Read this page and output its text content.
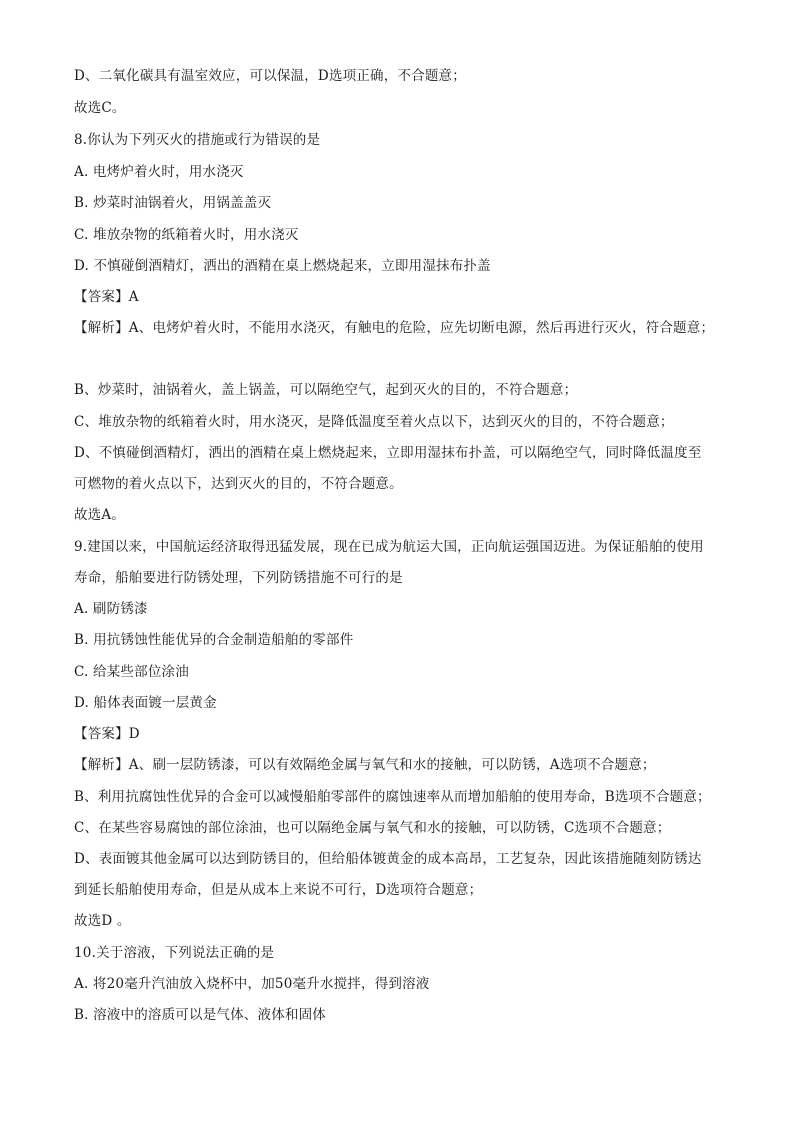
D、二氧化碳具有温室效应，可以保温，D选项正确，不合题意；
故选C。
8.你认为下列灭火的措施或行为错误的是
A. 电烤炉着火时，用水浇灭
B. 炒菜时油锅着火，用锅盖盖灭
C. 堆放杂物的纸箱着火时，用水浇灭
D. 不慎碰倒酒精灯，洒出的酒精在桌上燃烧起来，立即用湿抹布扑盖
【答案】A
【解析】A、电烤炉着火时，不能用水浇灭，有触电的危险，应先切断电源，然后再进行灭火，符合题意；
B、炒菜时，油锅着火，盖上锅盖，可以隔绝空气，起到灭火的目的，不符合题意；
C、堆放杂物的纸箱着火时，用水浇灭，是降低温度至着火点以下，达到灭火的目的，不符合题意；
D、不慎碰倒酒精灯，洒出的酒精在桌上燃烧起来，立即用湿抹布扑盖，可以隔绝空气，同时降低温度至
可燃物的着火点以下，达到灭火的目的，不符合题意。
故选A。
9.建国以来，中国航运经济取得迅猛发展，现在已成为航运大国，正向航运强国迈进。为保证船舶的使用
寿命，船舶要进行防锈处理，下列防锈措施不可行的是
A. 刷防锈漆
B. 用抗锈蚀性能优异的合金制造船舶的零部件
C. 给某些部位涂油
D. 船体表面镀一层黄金
【答案】D
【解析】A、刷一层防锈漆，可以有效隔绝金属与氧气和水的接触，可以防锈，A选项不合题意；
B、利用抗腐蚀性优异的合金可以减慢船舶零部件的腐蚀速率从而增加船舶的使用寿命，B选项不合题意；
C、在某些容易腐蚀的部位涂油，也可以隔绝金属与氧气和水的接触，可以防锈，C选项不合题意；
D、表面镀其他金属可以达到防锈目的，但给船体镀黄金的成本高昂，工艺复杂，因此该措施随刻防锈达
到延长船舶使用寿命，但是从成本上来说不可行，D选项符合题意；
故选D 。
10.关于溶液，下列说法正确的是
A. 将20毫升汽油放入烧杯中，加50毫升水搅拌，得到溶液
B. 溶液中的溶质可以是气体、液体和固体
